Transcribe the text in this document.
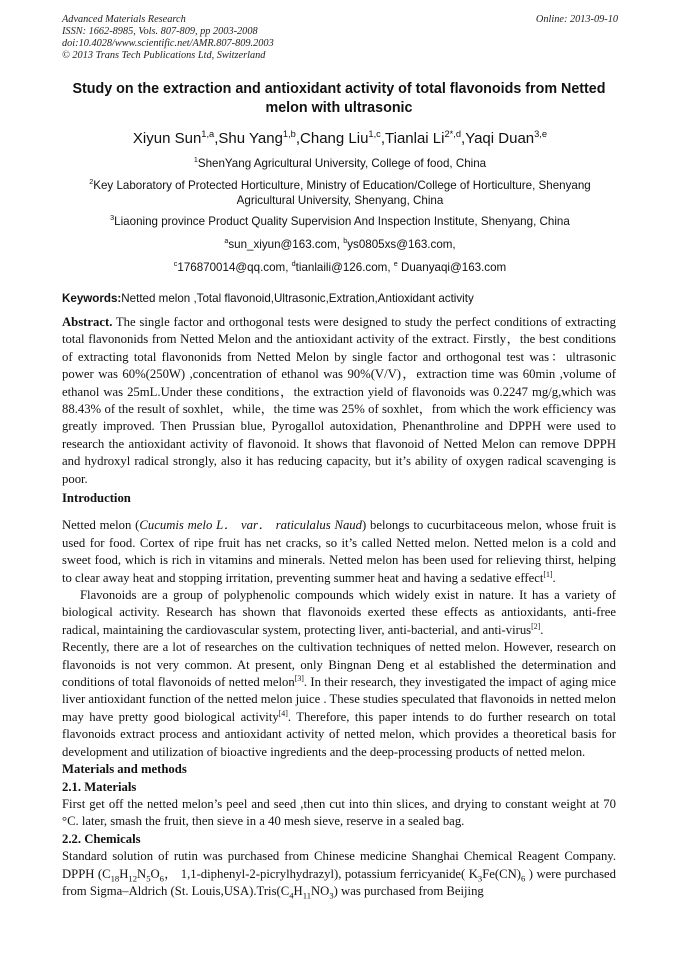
Advanced Materials Research
ISSN: 1662-8985, Vols. 807-809, pp 2003-2008
doi:10.4028/www.scientific.net/AMR.807-809.2003
© 2013 Trans Tech Publications Ltd, Switzerland
Online: 2013-09-10
Study on the extraction and antioxidant activity of total flavonoids from Netted melon with ultrasonic
Xiyun Sun$^{1,a}$,Shu Yang$^{1,b}$,Chang Liu$^{1,c}$,Tianlai $Li^{2*,d},Yaqi$ Duan$^{3,e}$
$^1$ShenYang Agricultural University, College of food, China
$^2$Key Laboratory of Protected Horticulture, Ministry of Education/College of Horticulture, Shenyang Agricultural University, Shenyang, China
$^3$Liaoning province Product Quality Supervision And Inspection Institute, Shenyang, China
$^a$sun_xiyun@163.com, $^b$ys0805xs@163.com,
$^c$176870014@qq.com, $^d$tianlaili@126.com, $^e$ Duanyaqi@163.com
Keywords:Netted melon ,Total flavonoid,Ultrasonic,Extration,Antioxidant activity

Abstract. The single factor and orthogonal tests were designed to study the perfect conditions of extracting total flavononids from Netted Melon and the antioxidant activity of the extract. Firstly，the best conditions of extracting total flavononids from Netted Melon by single factor and orthogonal test was：ultrasonic power was 60%(250W) ,concentration of ethanol was 90%(V/V)，extraction time was 60min ,volume of ethanol was 25mL.Under these conditions，the extraction yield of flavonoids was 0.2247 mg/g,which was 88.43% of the result of soxhlet，while，the time was 25% of soxhlet，from which the work efficiency was greatly improved. Then Prussian blue, Pyrogallol autoxidation, Phenanthroline and DPPH were used to research the antioxidant activity of flavonoid. It shows that flavonoid of Netted Melon can remove DPPH and hydroxyl radical strongly, also it has reducing capacity, but it’s ability of oxygen radical scavenging is poor.

Introduction

Netted melon (Cucumis melo L． var． raticulalus Naud) belongs to cucurbitaceous melon, whose fruit is used for food. Cortex of ripe fruit has net cracks, so it’s called Netted melon. Netted melon is a cold and sweet food, which is rich in vitamins and minerals. Netted melon has been used for relieving thirst, helping to clear away heat and stopping irritation, preventing summer heat and having a sedative effect[1].

Flavonoids are a group of polyphenolic compounds which widely exist in nature. It has a variety of biological activity. Research has shown that flavonoids exerted these effects as antioxidants, anti-free radical, maintaining the cardiovascular system, protecting liver, anti-bacterial, and anti-virus[2].

Recently, there are a lot of researches on the cultivation techniques of netted melon. However, research on flavonoids is not very common. At present, only Bingnan Deng et al established the determination and conditions of total flavonoids of netted melon[3]. In their research, they investigated the impact of aging mice liver antioxidant function of the netted melon juice . These studies speculated that flavonoids in netted melon may have pretty good biological activity[4]. Therefore, this paper intends to do further research on total flavonoids extract process and antioxidant activity of netted melon, which provides a theoretical basis for development and utilization of bioactive ingredients and the deep-processing products of netted melon.

Materials and methods

2.1. Materials

First get off the netted melon’s peel and seed ,then cut into thin slices, and drying to constant weight at 70 °C. later, smash the fruit, then sieve in a 40 mesh sieve, reserve in a sealed bag.

2.2. Chemicals

Standard solution of rutin was purchased from Chinese medicine Shanghai Chemical Reagent Company. DPPH ($C_{18}H_{12}N_5O_6$， 1,1-diphenyl-2-picrylhydrazyl), potassium ferricyanide( $K_3Fe(CN)_6$ ) were purchased from Sigma–Aldrich (St. $Louis,USA).Tris(C_4H_{11}NO_3)$ was purchased from Beijing
